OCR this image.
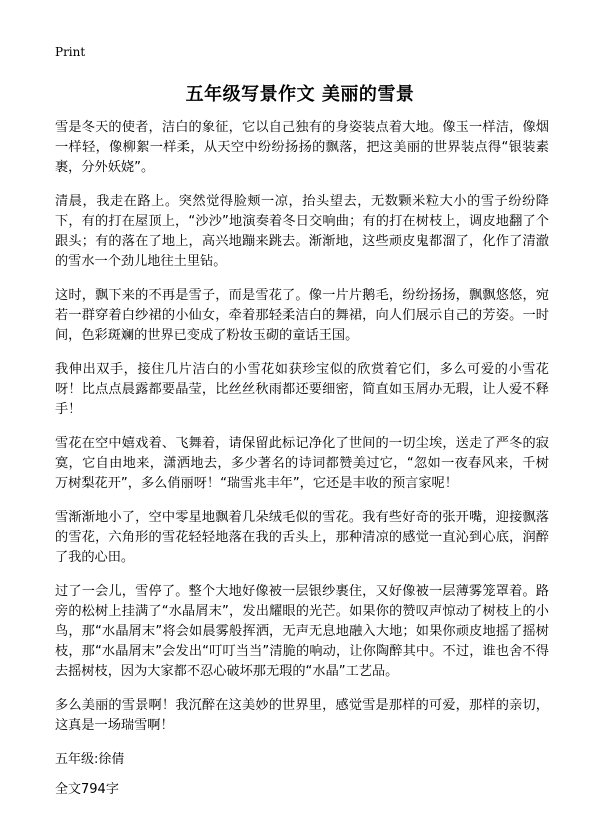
Print
五年级写景作文 美丽的雪景

雪是冬天的使者，洁白的象征，它以自己独有的身姿装点着大地。像玉一样洁，像烟一样轻，像柳絮一样柔，从天空中纷纷扬扬的飘落，把这美丽的世界装点得“银装素裹，分外妖娆”。

清晨，我走在路上。突然觉得脸颊一凉，抬头望去，无数颗米粒大小的雪子纷纷降下，有的打在屋顶上，“沙沙”地演奏着冬日交响曲；有的打在树枝上，调皮地翻了个跟头；有的落在了地上，高兴地蹦来跳去。渐渐地，这些顽皮鬼都溜了，化作了清澈的雪水一个劲儿地往土里钻。

这时，飘下来的不再是雪子，而是雪花了。像一片片鹅毛，纷纷扬扬，飘飘悠悠，宛若一群穿着白纱裙的小仙女，牵着那轻柔洁白的舞裙，向人们展示自己的芳姿。一时间，色彩斑斓的世界已变成了粉妆玉砌的童话王国。

我伸出双手，接住几片洁白的小雪花如获珍宝似的欣赏着它们，多么可爱的小雪花呀！比点点晨露都要晶莹，比丝丝秋雨都还要细密，简直如玉屑办无瑕，让人爱不释手！

雪花在空中嬉戏着、飞舞着，请保留此标记净化了世间的一切尘埃，送走了严冬的寂寞，它自由地来，潇洒地去，多少著名的诗词都赞美过它，“忽如一夜春风来，千树万树梨花开”，多么俏丽呀！“瑞雪兆丰年”，它还是丰收的预言家呢！

雪渐渐地小了，空中零星地飘着几朵绒毛似的雪花。我有些好奇的张开嘴，迎接飘落的雪花，六角形的雪花轻轻地落在我的舌头上，那种清凉的感觉一直沁到心底，润醉了我的心田。

过了一会儿，雪停了。整个大地好像被一层银纱裹住，又好像被一层薄雾笼罩着。路旁的松树上挂满了“水晶屑末”，发出耀眼的光芒。如果你的赞叹声惊动了树枝上的小鸟，那“水晶屑末”将会如晨雾般挥洒，无声无息地融入大地；如果你顽皮地摇了摇树枝，那“水晶屑末”会发出“叮叮当当”清脆的响动，让你陶醉其中。不过，谁也舍不得去摇树枝，因为大家都不忍心破坏那无瑕的“水晶”工艺品。

多么美丽的雪景啊！我沉醉在这美妙的世界里，感觉雪是那样的可爱，那样的亲切，这真是一场瑞雪啊！

五年级:徐倩
全文794字
